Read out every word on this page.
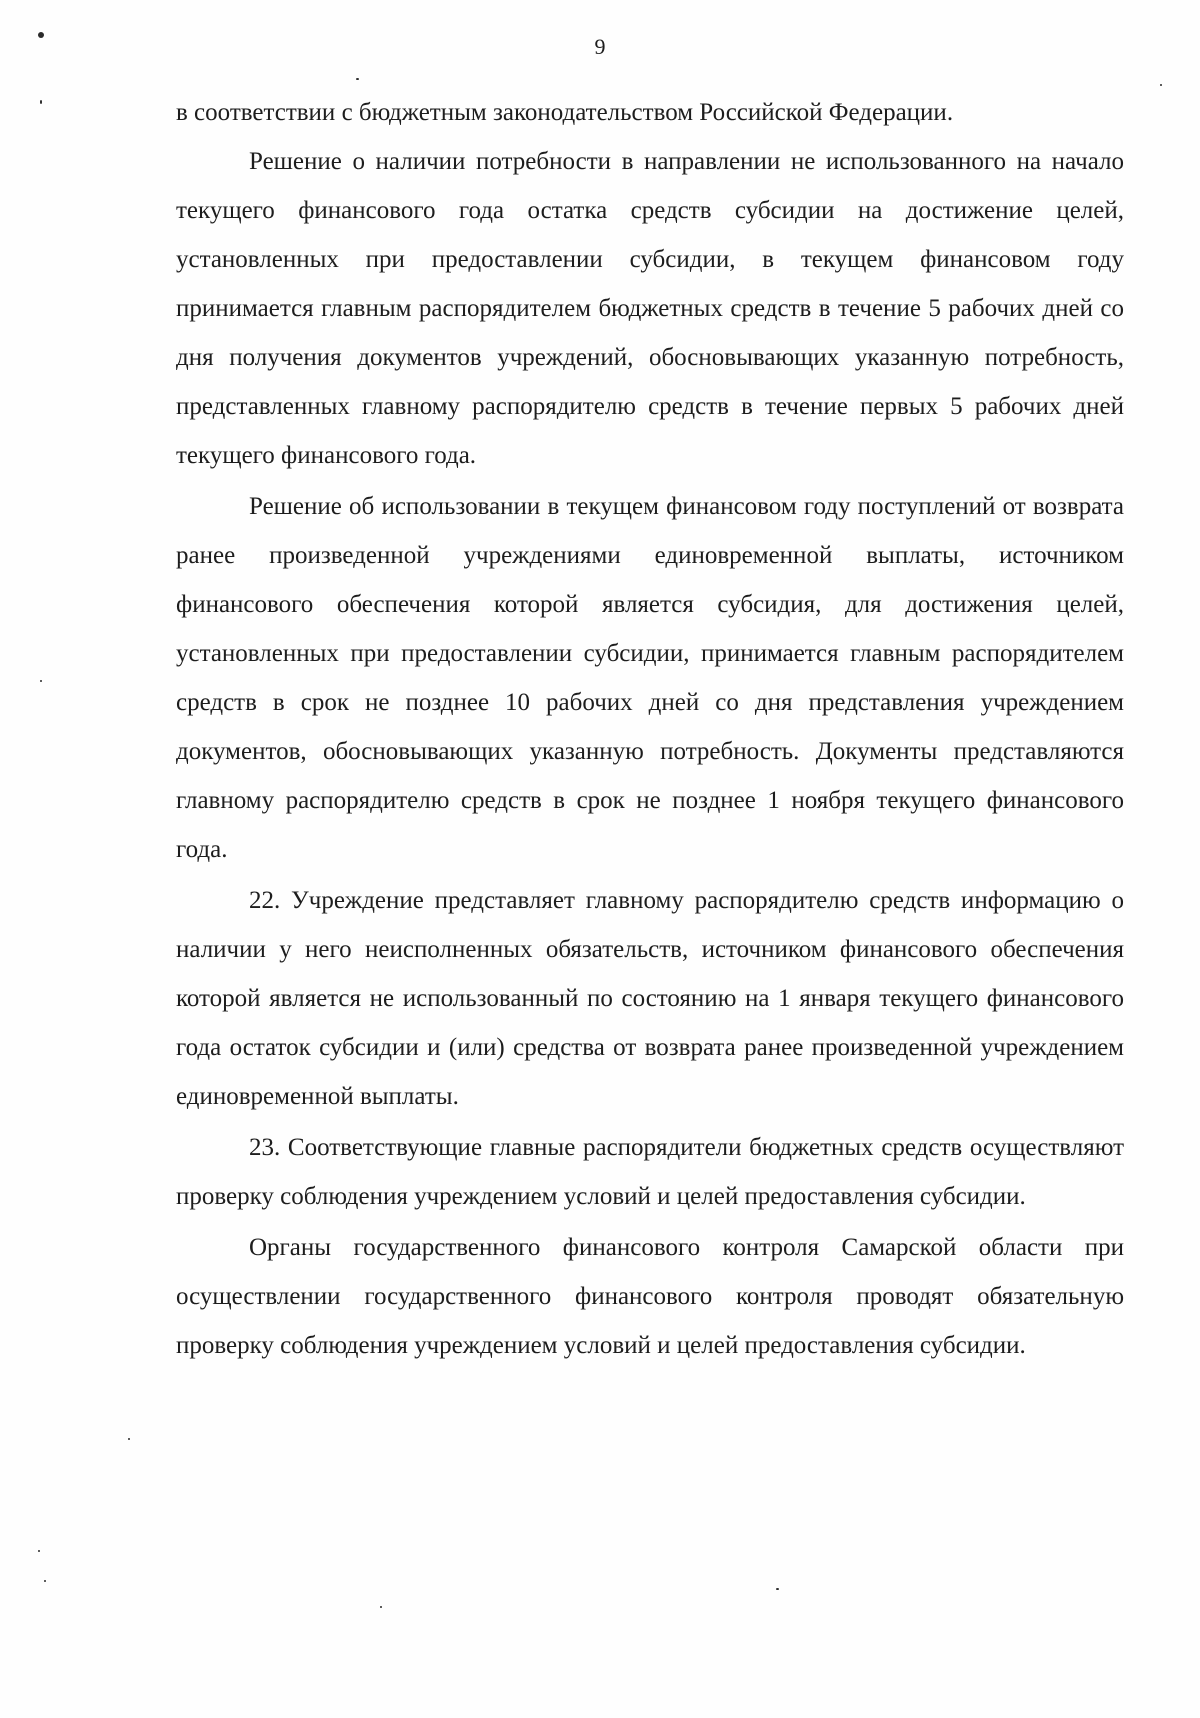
9

в соответствии с бюджетным законодательством Российской Федерации.

Решение о наличии потребности в направлении не использованного на начало текущего финансового года остатка средств субсидии на достижение целей, установленных при предоставлении субсидии, в текущем финансовом году принимается главным распорядителем бюджетных средств в течение 5 рабочих дней со дня получения документов учреждений, обосновывающих указанную потребность, представленных главному распорядителю средств в течение первых 5 рабочих дней текущего финансового года.

Решение об использовании в текущем финансовом году поступлений от возврата ранее произведенной учреждениями единовременной выплаты, источником финансового обеспечения которой является субсидия, для достижения целей, установленных при предоставлении субсидии, принимается главным распорядителем средств в срок не позднее 10 рабочих дней со дня представления учреждением документов, обосновывающих указанную потребность. Документы представляются главному распорядителю средств в срок не позднее 1 ноября текущего финансового года.

22. Учреждение представляет главному распорядителю средств информацию о наличии у него неисполненных обязательств, источником финансового обеспечения которой является не использованный по состоянию на 1 января текущего финансового года остаток субсидии и (или) средства от возврата ранее произведенной учреждением единовременной выплаты.

23. Соответствующие главные распорядители бюджетных средств осуществляют проверку соблюдения учреждением условий и целей предоставления субсидии.

Органы государственного финансового контроля Самарской области при осуществлении государственного финансового контроля проводят обязательную проверку соблюдения учреждением условий и целей предоставления субсидии.
